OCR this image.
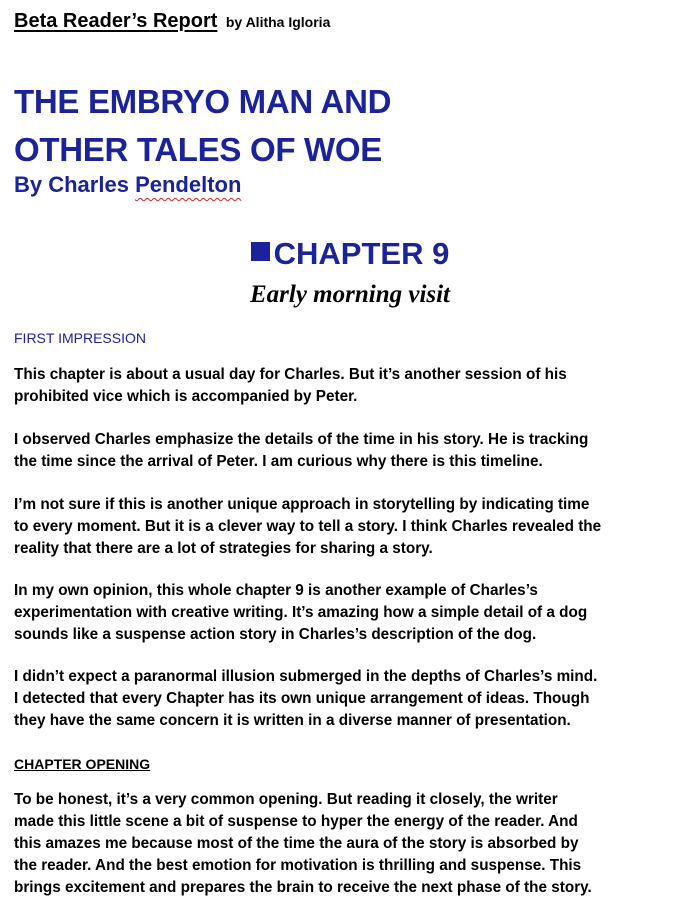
Beta Reader’s Report by Alitha Igloria
THE EMBRYO MAN AND
OTHER TALES OF WOE
By Charles Pendelton
CHAPTER 9
Early morning visit
FIRST IMPRESSION

This chapter is about a usual day for Charles. But it’s another session of his
prohibited vice which is accompanied by Peter.

I observed Charles emphasize the details of the time in his story. He is tracking
the time since the arrival of Peter. I am curious why there is this timeline.

I’m not sure if this is another unique approach in storytelling by indicating time
to every moment. But it is a clever way to tell a story. I think Charles revealed the
reality that there are a lot of strategies for sharing a story.

In my own opinion, this whole chapter 9 is another example of Charles’s
experimentation with creative writing. It’s amazing how a simple detail of a dog
sounds like a suspense action story in Charles’s description of the dog.

I didn’t expect a paranormal illusion submerged in the depths of Charles’s mind.
I detected that every Chapter has its own unique arrangement of ideas. Though
they have the same concern it is written in a diverse manner of presentation.

CHAPTER OPENING

To be honest, it’s a very common opening. But reading it closely, the writer
made this little scene a bit of suspense to hyper the energy of the reader. And
this amazes me because most of the time the aura of the story is absorbed by
the reader. And the best emotion for motivation is thrilling and suspense. This
brings excitement and prepares the brain to receive the next phase of the story.
